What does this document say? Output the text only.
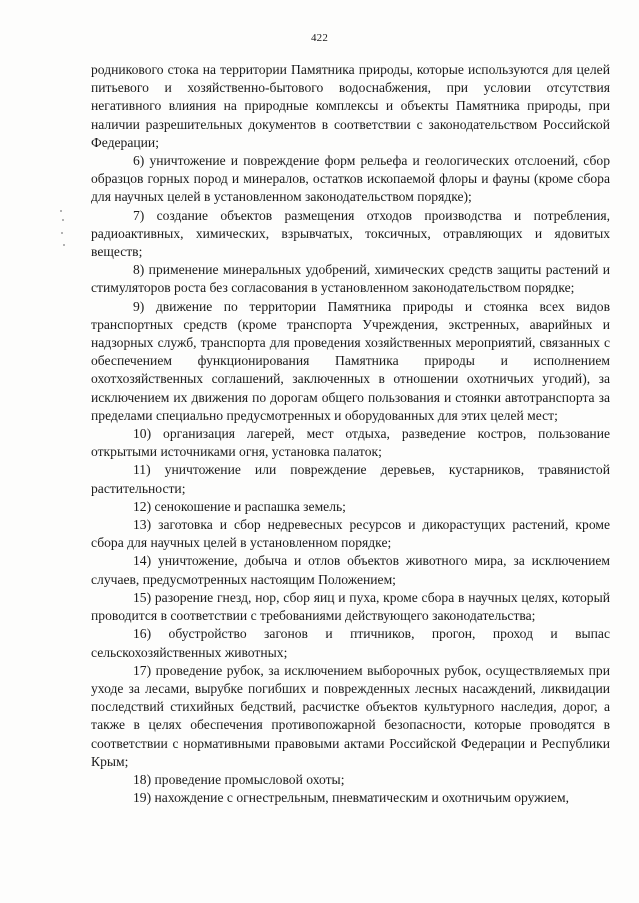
422

родникового стока на территории Памятника природы, которые используются для целей питьевого и хозяйственно-бытового водоснабжения, при условии отсутствия негативного влияния на природные комплексы и объекты Памятника природы, при наличии разрешительных документов в соответствии с законодательством Российской Федерации;

6) уничтожение и повреждение форм рельефа и геологических отслоений, сбор образцов горных пород и минералов, остатков ископаемой флоры и фауны (кроме сбора для научных целей в установленном законодательством порядке);

7) создание объектов размещения отходов производства и потребления, радиоактивных, химических, взрывчатых, токсичных, отравляющих и ядовитых веществ;

8) применение минеральных удобрений, химических средств защиты растений и стимуляторов роста без согласования в установленном законодательством порядке;

9) движение по территории Памятника природы и стоянка всех видов транспортных средств (кроме транспорта Учреждения, экстренных, аварийных и надзорных служб, транспорта для проведения хозяйственных мероприятий, связанных с обеспечением функционирования Памятника природы и исполнением охотхозяйственных соглашений, заключенных в отношении охотничьих угодий), за исключением их движения по дорогам общего пользования и стоянки автотранспорта за пределами специально предусмотренных и оборудованных для этих целей мест;

10) организация лагерей, мест отдыха, разведение костров, пользование открытыми источниками огня, установка палаток;

11) уничтожение или повреждение деревьев, кустарников, травянистой растительности;

12) сенокошение и распашка земель;

13) заготовка и сбор недревесных ресурсов и дикорастущих растений, кроме сбора для научных целей в установленном порядке;

14) уничтожение, добыча и отлов объектов животного мира, за исключением случаев, предусмотренных настоящим Положением;

15) разорение гнезд, нор, сбор яиц и пуха, кроме сбора в научных целях, который проводится в соответствии с требованиями действующего законодательства;

16) обустройство загонов и птичников, прогон, проход и выпас сельскохозяйственных животных;

17) проведение рубок, за исключением выборочных рубок, осуществляемых при уходе за лесами, вырубке погибших и поврежденных лесных насаждений, ликвидации последствий стихийных бедствий, расчистке объектов культурного наследия, дорог, а также в целях обеспечения противопожарной безопасности, которые проводятся в соответствии с нормативными правовыми актами Российской Федерации и Республики Крым;

18) проведение промысловой охоты;

19) нахождение с огнестрельным, пневматическим и охотничьим оружием,
